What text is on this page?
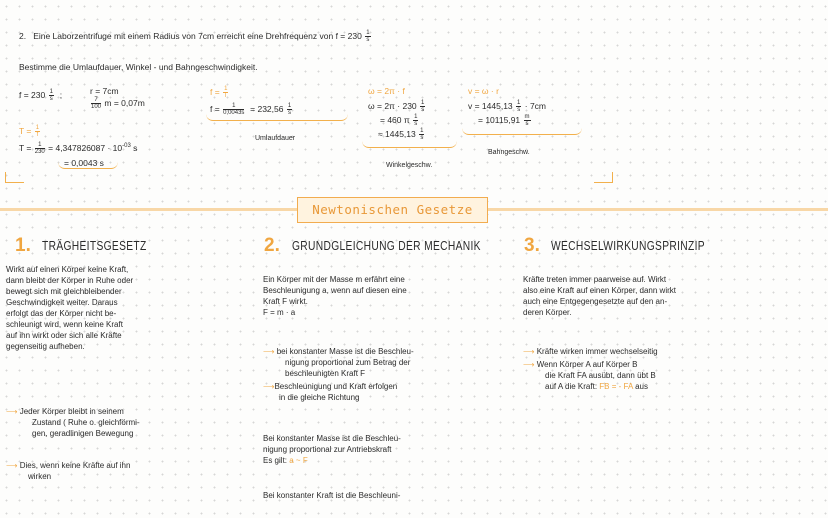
2. Eine Laborzentrifuge mit einem Radius von 7cm erreicht eine Drehfrequenz von $f = 230 \frac{1}{s}$
Bestimme die Umlaufdauer, Winkel - und Bahngeschwindigkeit.
$f = 230 \frac{1}{s}$ ;	r = 7cm
$\frac{7}{100}$ m = 0,07m
$T = \frac{1}{f}$
$T = \frac{1}{230} = 4,347826087 \cdot 10^{-03}$ s
= 0,0043 s
$f = \frac{1}{T}$
$f = \frac{1}{0,0043s} = 232,56 \frac{1}{s}$
Umlaufdauer
ω = 2π · f
$\omega = 2\pi \cdot 230 \frac{1}{s}$
= 460 π $\frac{1}{s}$
≈ $1445,13 \frac{1}{s}$
Winkelgeschw.
v = ω · r
$v = 1445,13 \frac{1}{s} \cdot 7cm$
= $10115,91 \frac{m}{s}$
Bahngeschw.
Newtonischen Gesetze
1. TRÄGHEITSGESETZ
Wirkt auf einen Körper keine Kraft,
dann bleibt der Körper in Ruhe oder
bewegt sich mit gleichbleibender
Geschwindigkeit weiter. Daraus
erfolgt das der Körper nicht be-
schleunigt wird, wenn keine Kraft
auf ihn wirkt oder sich alle Kräfte
gegenseitig aufheben.
⟶ Jeder Körper bleibt in seinem
Zustand ( Ruhe o. gleichförmi-
gen, geradlinigen Bewegung
⟶ Dies, wenn keine Kräfte auf ihn
wirken
2. GRUNDGLEICHUNG DER MECHANIK
Ein Körper mit der Masse m erfährt eine
Beschleunigung a, wenn auf diesen eine
Kraft F wirkt.
F = m · a
⟶ bei konstanter Masse ist die Beschleu-
nigung proportional zum Betrag der
beschleunigten Kraft F
⟶Beschleunigung und Kraft erfolgen
in die gleiche Richtung
Bei konstanter Masse ist die Beschleu-
nigung proportional zur Antriebskraft
Es gilt: a ~ F
Bei konstanter Kraft ist die Beschleuni-
3. WECHSELWIRKUNGSPRINZIP
Kräfte treten immer paarweise auf. Wirkt
also eine Kraft auf einen Körper, dann wirkt
auch eine Entgegengesetzte auf den an-
deren Körper.
⟶ Kräfte wirken immer wechselseitig
⟶ Wenn Körper A auf Körper B
die Kraft FA ausübt, dann übt B
auf A die Kraft: FB = - FA aus
